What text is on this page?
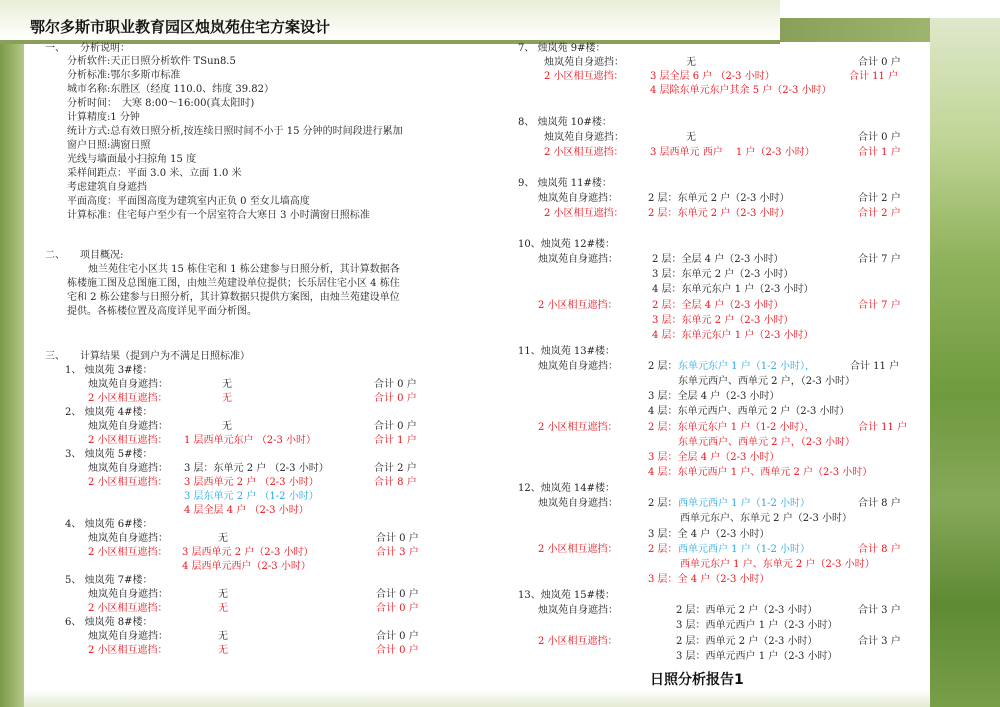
鄂尔多斯市职业教育园区烛岚苑住宅方案设计
日照分析报告1
一、　　分析说明：
分析软件:天正日照分析软件 TSun8.5
分析标准:鄂尔多斯市标准
城市名称:东胜区（经度 110.0、纬度 39.82）
分析时间：　大寒 8:00～16:00(真太阳时)
计算精度:1 分钟
统计方式:总有效日照分析,按连续日照时间不小于 15 分钟的时间段进行累加
窗户日照:满窗日照
光线与墙面最小扫掠角 15 度
采样间距点：平面 3.0 米、立面 1.0 米
考虑建筑自身遮挡
平面高度：平面图高度为建筑室内正负 0 至女儿墙高度
计算标准：住宅每户至少有一个居室符合大寒日 3 小时满窗日照标准
二、　　项目概况:
烛兰苑住宅小区共 15 栋住宅和 1 栋公建参与日照分析，其计算数据各
栋楼施工图及总图施工图，由烛兰苑建设单位提供；长乐居住宅小区 4 栋住
宅和 2 栋公建参与日照分析，其计算数据只提供方案图，由烛兰苑建设单位
提供。各栋楼位置及高度详见平面分析图。
三、　　计算结果（提到户为不满足日照标准）
1、 烛岚苑 3#楼：
烛岚苑自身遮挡：	无	合计 0 户
2 小区相互遮挡：	无	合计 0 户
2、 烛岚苑 4#楼：
烛岚苑自身遮挡：	无	合计 0 户
2 小区相互遮挡： 1 层西单元东户 （2-3 小时）	合计 1 户
3、 烛岚苑 5#楼：
烛岚苑自身遮挡： 3 层：东单元 2 户 （2-3 小时）	合计 2 户
2 小区相互遮挡： 3 层西单元 2 户 （2-3 小时）	合计 8 户
3 层东单元 2 户 （1-2 小时）
4 层全层 4 户 （2-3 小时）
4、 烛岚苑 6#楼：
烛岚苑自身遮挡：	无	合计 0 户
2 小区相互遮挡： 3 层西单元 2 户（2-3 小时）	合计 3 户
4 层西单元西户（2-3 小时）
5、 烛岚苑 7#楼：
烛岚苑自身遮挡：	无	合计 0 户
2 小区相互遮挡：	无	合计 0 户
6、 烛岚苑 8#楼：
烛岚苑自身遮挡：	无	合计 0 户
2 小区相互遮挡：	无	合计 0 户
7、 烛岚苑 9#楼：
烛岚苑自身遮挡：	无	合计 0 户
2 小区相互遮挡：	3 层全层 6 户 （2-3 小时）	合计 11 户
4 层除东单元东户其余 5 户（2-3 小时）
8、 烛岚苑 10#楼：
烛岚苑自身遮挡：	无	合计 0 户
2 小区相互遮挡：	3 层西单元 西户　 1 户（2-3 小时）	合计 1 户
9、 烛岚苑 11#楼：
烛岚苑自身遮挡：	2 层：东单元 2 户（2-3 小时）	合计 2 户
2 小区相互遮挡： 2 层：东单元 2 户（2-3 小时）	合计 2 户
10、烛岚苑 12#楼：
烛岚苑自身遮挡：	2 层：全层 4 户（2-3 小时）	合计 7 户
3 层：东单元 2 户（2-3 小时）
4 层：东单元东户 1 户（2-3 小时）
2 小区相互遮挡：	2 层：全层 4 户（2-3 小时）	合计 7 户
3 层：东单元 2 户（2-3 小时）
4 层：东单元东户 1 户（2-3 小时）
11、烛岚苑 13#楼：
烛岚苑自身遮挡：	2 层： 东单元东户 1 户（1-2 小时），	合计 11 户
东单元西户、西单元 2 户，（2-3 小时）
3 层：全层 4 户（2-3 小时）
4 层：东单元西户、西单元 2 户（2-3 小时）
2 小区相互遮挡：	2 层：东单元东户 1 户（1-2 小时），	合计 11 户
东单元西户、西单元 2 户，（2-3 小时）
3 层：全层 4 户（2-3 小时）
4 层：东单元西户 1 户、西单元 2 户（2-3 小时）
12、烛岚苑 14#楼：
烛岚苑自身遮挡：	2 层： 西单元西户 1 户（1-2 小时）	合计 8 户
西单元东户、东单元 2 户（2-3 小时）
3 层：全 4 户（2-3 小时）
2 小区相互遮挡：	2 层： 西单元西户 1 户（1-2 小时）	合计 8 户
西单元东户 1 户、东单元 2 户（2-3 小时）
3 层：全 4 户（2-3 小时）
13、烛岚苑 15#楼：
烛岚苑自身遮挡：	2 层：西单元 2 户（2-3 小时）	合计 3 户
3 层：西单元西户 1 户（2-3 小时）
2 小区相互遮挡：	2 层：西单元 2 户（2-3 小时）	合计 3 户
3 层：西单元西户 1 户（2-3 小时）
